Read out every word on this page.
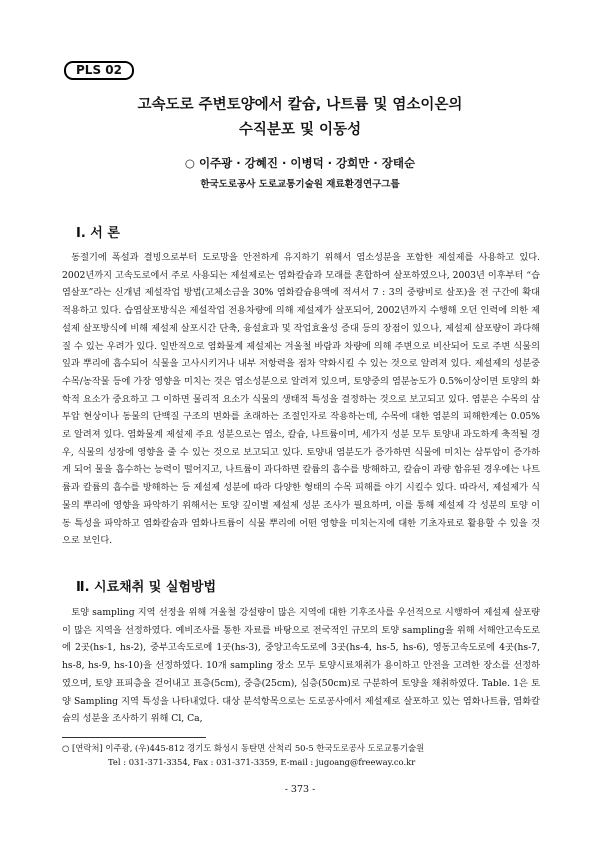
PLS 02
고속도로 주변토양에서 칼슘, 나트륨 및 염소이온의
수직분포 및 이동성
○ 이주광 · 강혜진 · 이병덕 · 강희만 · 장태순
한국도로공사 도로교통기술원 재료환경연구그룹
Ⅰ. 서 론
동절기에 폭설과 결빙으로부터 도로망을 안전하게 유지하기 위해서 염소성분을 포함한 제설제를 사용하고 있다. 2002년까지 고속도로에서 주로 사용되는 제설제로는 염화칼슘과 모래를 혼합하여 살포하였으나, 2003년 이후부터 “습염살포”라는 신개념 제설작업 방법(고체소금을 30% 염화칼슘용액에 적셔서 7 : 3의 중량비로 살포)을 전 구간에 확대 적용하고 있다. 습염살포방식은 제설작업 전용차량에 의해 제설제가 살포되어, 2002년까지 수행해 오던 인력에 의한 제설제 살포방식에 비해 제설제 살포시간 단축, 융설효과 및 작업효율성 증대 등의 장점이 있으나, 제설제 살포량이 과다해 질 수 있는 우려가 있다. 일반적으로 염화물계 제설제는 겨울철 바람과 차량에 의해 주변으로 비산되어 도로 주변 식물의 잎과 뿌리에 흡수되어 식물을 고사시키거나 내부 저항력을 점차 약화시킬 수 있는 것으로 알려져 있다. 제설제의 성분중 수목/농작물 등에 가장 영향을 미치는 것은 염소성분으로 알려져 있으며, 토양중의 염분농도가 0.5%이상이면 토양의 화학적 요소가 중요하고 그 이하면 물리적 요소가 식물의 생태적 특성을 결정하는 것으로 보고되고 있다. 염분은 수목의 삼투압 현상이나 동물의 단백질 구조의 변화를 초래하는 조절인자로 작용하는데, 수목에 대한 염분의 피해한계는 0.05%로 알려져 있다. 염화물계 제설제 주요 성분으로는 염소, 칼슘, 나트륨이며, 세가지 성분 모두 토양내 과도하게 축적될 경우, 식물의 성장에 영향을 줄 수 있는 것으로 보고되고 있다. 토양내 염분도가 증가하면 식물에 미치는 삼투압이 증가하게 되어 물을 흡수하는 능력이 떨어지고, 나트륨이 과다하면 칼륨의 흡수를 방해하고, 칼슘이 과량 함유된 경우에는 나트륨과 칼륨의 흡수를 방해하는 등 제설제 성분에 따라 다양한 형태의 수목 피해를 야기 시킬수 있다. 따라서, 제설제가 식물의 뿌리에 영향을 파악하기 위해서는 토양 깊이별 제설제 성분 조사가 필요하며, 이를 통해 제설제 각 성분의 토양 이동 특성을 파악하고 염화칼슘과 염화나트륨이 식물 뿌리에 어떤 영향을 미치는지에 대한 기초자료로 활용할 수 있을 것으로 보인다.
Ⅱ. 시료채취 및 실험방법
토양 sampling 지역 선정을 위해 겨울철 강설량이 많은 지역에 대한 기후조사를 우선적으로 시행하여 제설제 살포량이 많은 지역을 선정하였다. 예비조사를 통한 자료를 바탕으로 전국적인 규모의 토양 sampling을 위해 서해안고속도로에 2곳(hs-1, hs-2), 중부고속도로에 1곳(hs-3), 중앙고속도로에 3곳(hs-4, hs-5, hs-6), 영동고속도로에 4곳(hs-7, hs-8, hs-9, hs-10)을 선정하였다. 10개 sampling 장소 모두 토양시료채취가 용이하고 안전을 고려한 장소를 선정하였으며, 토양 표피층을 걷어내고 표층(5cm), 중층(25cm), 심층(50cm)로 구분하여 토양을 채취하였다. Table. 1은 토양 Sampling 지역 특성을 나타내었다. 대상 분석항목으로는 도로공사에서 제설제로 살포하고 있는 염화나트륨, 염화칼슘의 성분을 조사하기 위해 Cl, Ca,
○ [연락처] 이주광, (우)445-812 경기도 화성시 동탄면 산척리 50-5 한국도로공사 도로교통기술원
Tel : 031-371-3354, Fax : 031-371-3359, E-mail : jugoang@freeway.co.kr
- 373 -
